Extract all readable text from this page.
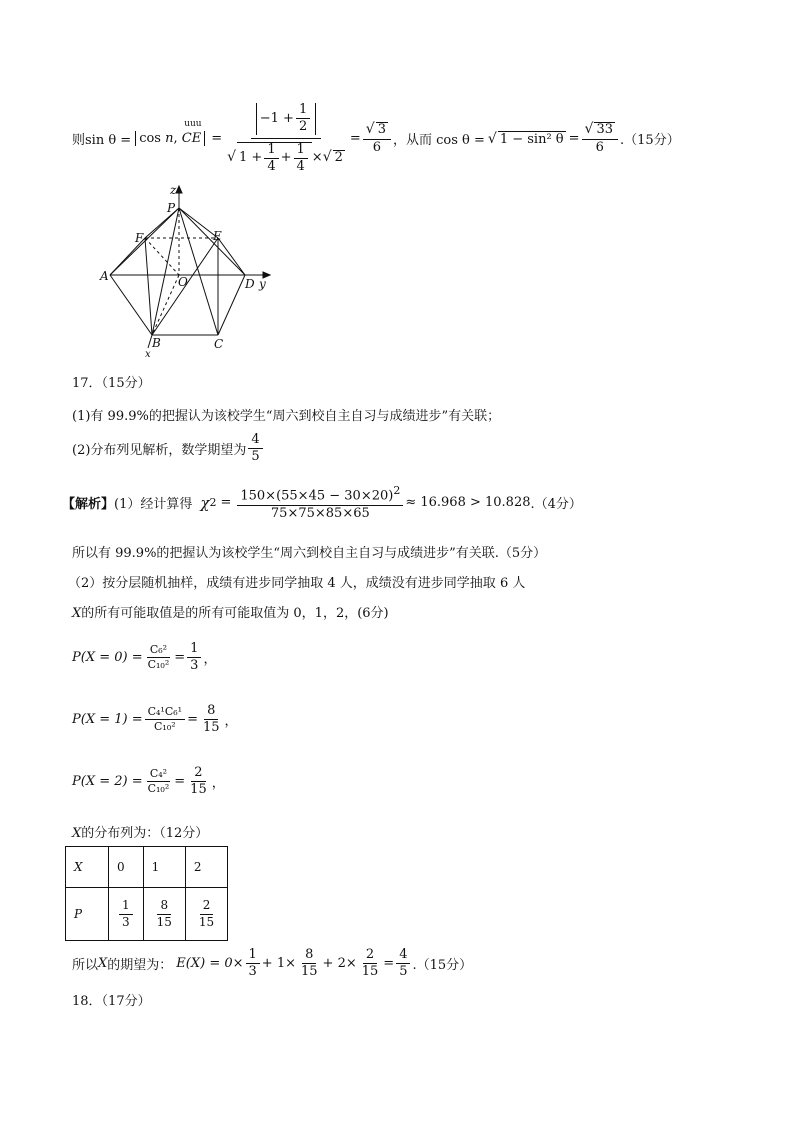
则sin θ = cos n, CE
uuu
=
$-1 + \frac{1}{2}$
√ $1 + \frac{1}{4} + \frac{1}{4}$ × √ 2
= $\frac{√ 3}{6}$ ，从而 cos θ = √ 1 − sin² $\theta = \frac{√ 33}{6} .(15$分）
z
P
F	E
A	O	D y
B	C
x
17．（15分）
(1)有 99.9%的把握认为该校学生“周六到校自主自习与成绩进步”有关联；
(2)分布列见解析，数学期望为 $\frac{4}{5}$
【解析】 (1）经计算得 χ $2 = \frac{150\times(55\times 45 - 30\times 20)^2}{75\times 75\times 85\times 65} \approx 16.968 > 10.828$ .（4分）
所以有 99.9%的把握认为该校学生“周六到校自主自习与成绩进步”有关联.（5分）
（2）按分层随机抽样，成绩有进步同学抽取 4 人，成绩没有进步同学抽取 6 人
X的所有可能取值是的所有可能取值为 0，1，2，(6分)
$P(X = 0) = \frac{\text{C₆²}}{\text{C₁₀²}} = \frac{1}{3}$ ，
$P(X = 1) = \frac{\text{C₄¹C₆¹}}{\text{C₁₀²}} = \frac{8}{15}$ ，
$P(X = 2) = \frac{\text{C₄²}}{\text{C₁₀²}} = \frac{2}{15}$ ，
X的分布列为：（12分）
X	0	1	2
P	$\frac{1}{3}$	$\frac{8}{15}$	$\frac{2}{15}$
所以 X 的期望为： $E(X) = 0\times \frac{1}{3} + 1\times \frac{8}{15} + 2\times \frac{2}{15} = \frac{4}{5} .(15$分）
18．（17分）
